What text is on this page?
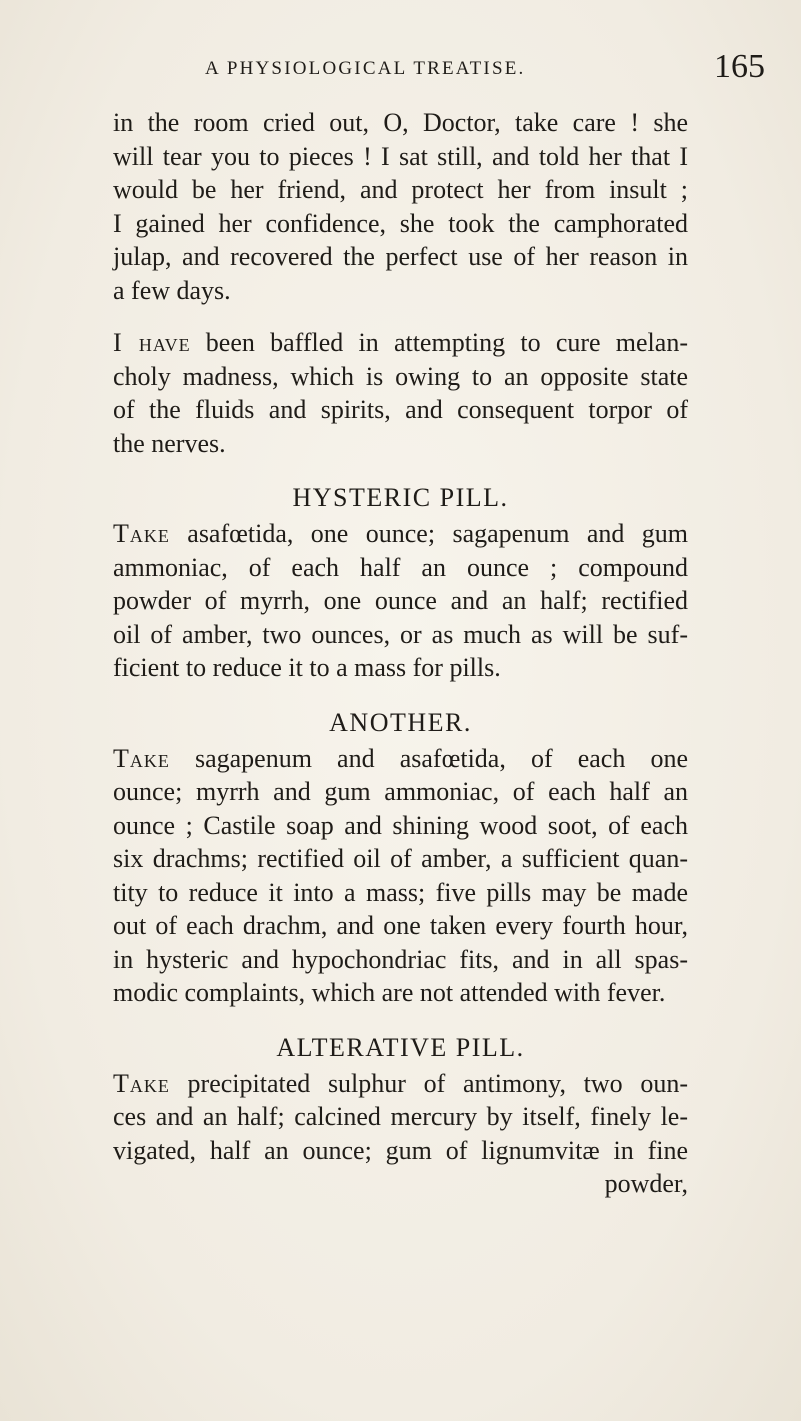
A PHYSIOLOGICAL TREATISE.	165
in the room cried out, O, Doctor, take care ! she
will tear you to pieces ! I sat still, and told her that I
would be her friend, and protect her from insult ;
I gained her confidence, she took the camphorated
julap, and recovered the perfect use of her reason in
a few days.
I have been baffled in attempting to cure melan-
choly madness, which is owing to an opposite state
of the fluids and spirits, and consequent torpor of
the nerves.
HYSTERIC PILL.
Take asafœtida, one ounce; sagapenum and gum
ammoniac, of each half an ounce ; compound
powder of myrrh, one ounce and an half; rectified
oil of amber, two ounces, or as much as will be suf-
ficient to reduce it to a mass for pills.
ANOTHER.
Take sagapenum and asafœtida, of each one
ounce; myrrh and gum ammoniac, of each half an
ounce ; Castile soap and shining wood soot, of each
six drachms; rectified oil of amber, a sufficient quan-
tity to reduce it into a mass; five pills may be made
out of each drachm, and one taken every fourth hour,
in hysteric and hypochondriac fits, and in all spas-
modic complaints, which are not attended with fever.
ALTERATIVE PILL.
Take precipitated sulphur of antimony, two oun-
ces and an half; calcined mercury by itself, finely le-
vigated, half an ounce; gum of lignumvitæ in fine
powder,
